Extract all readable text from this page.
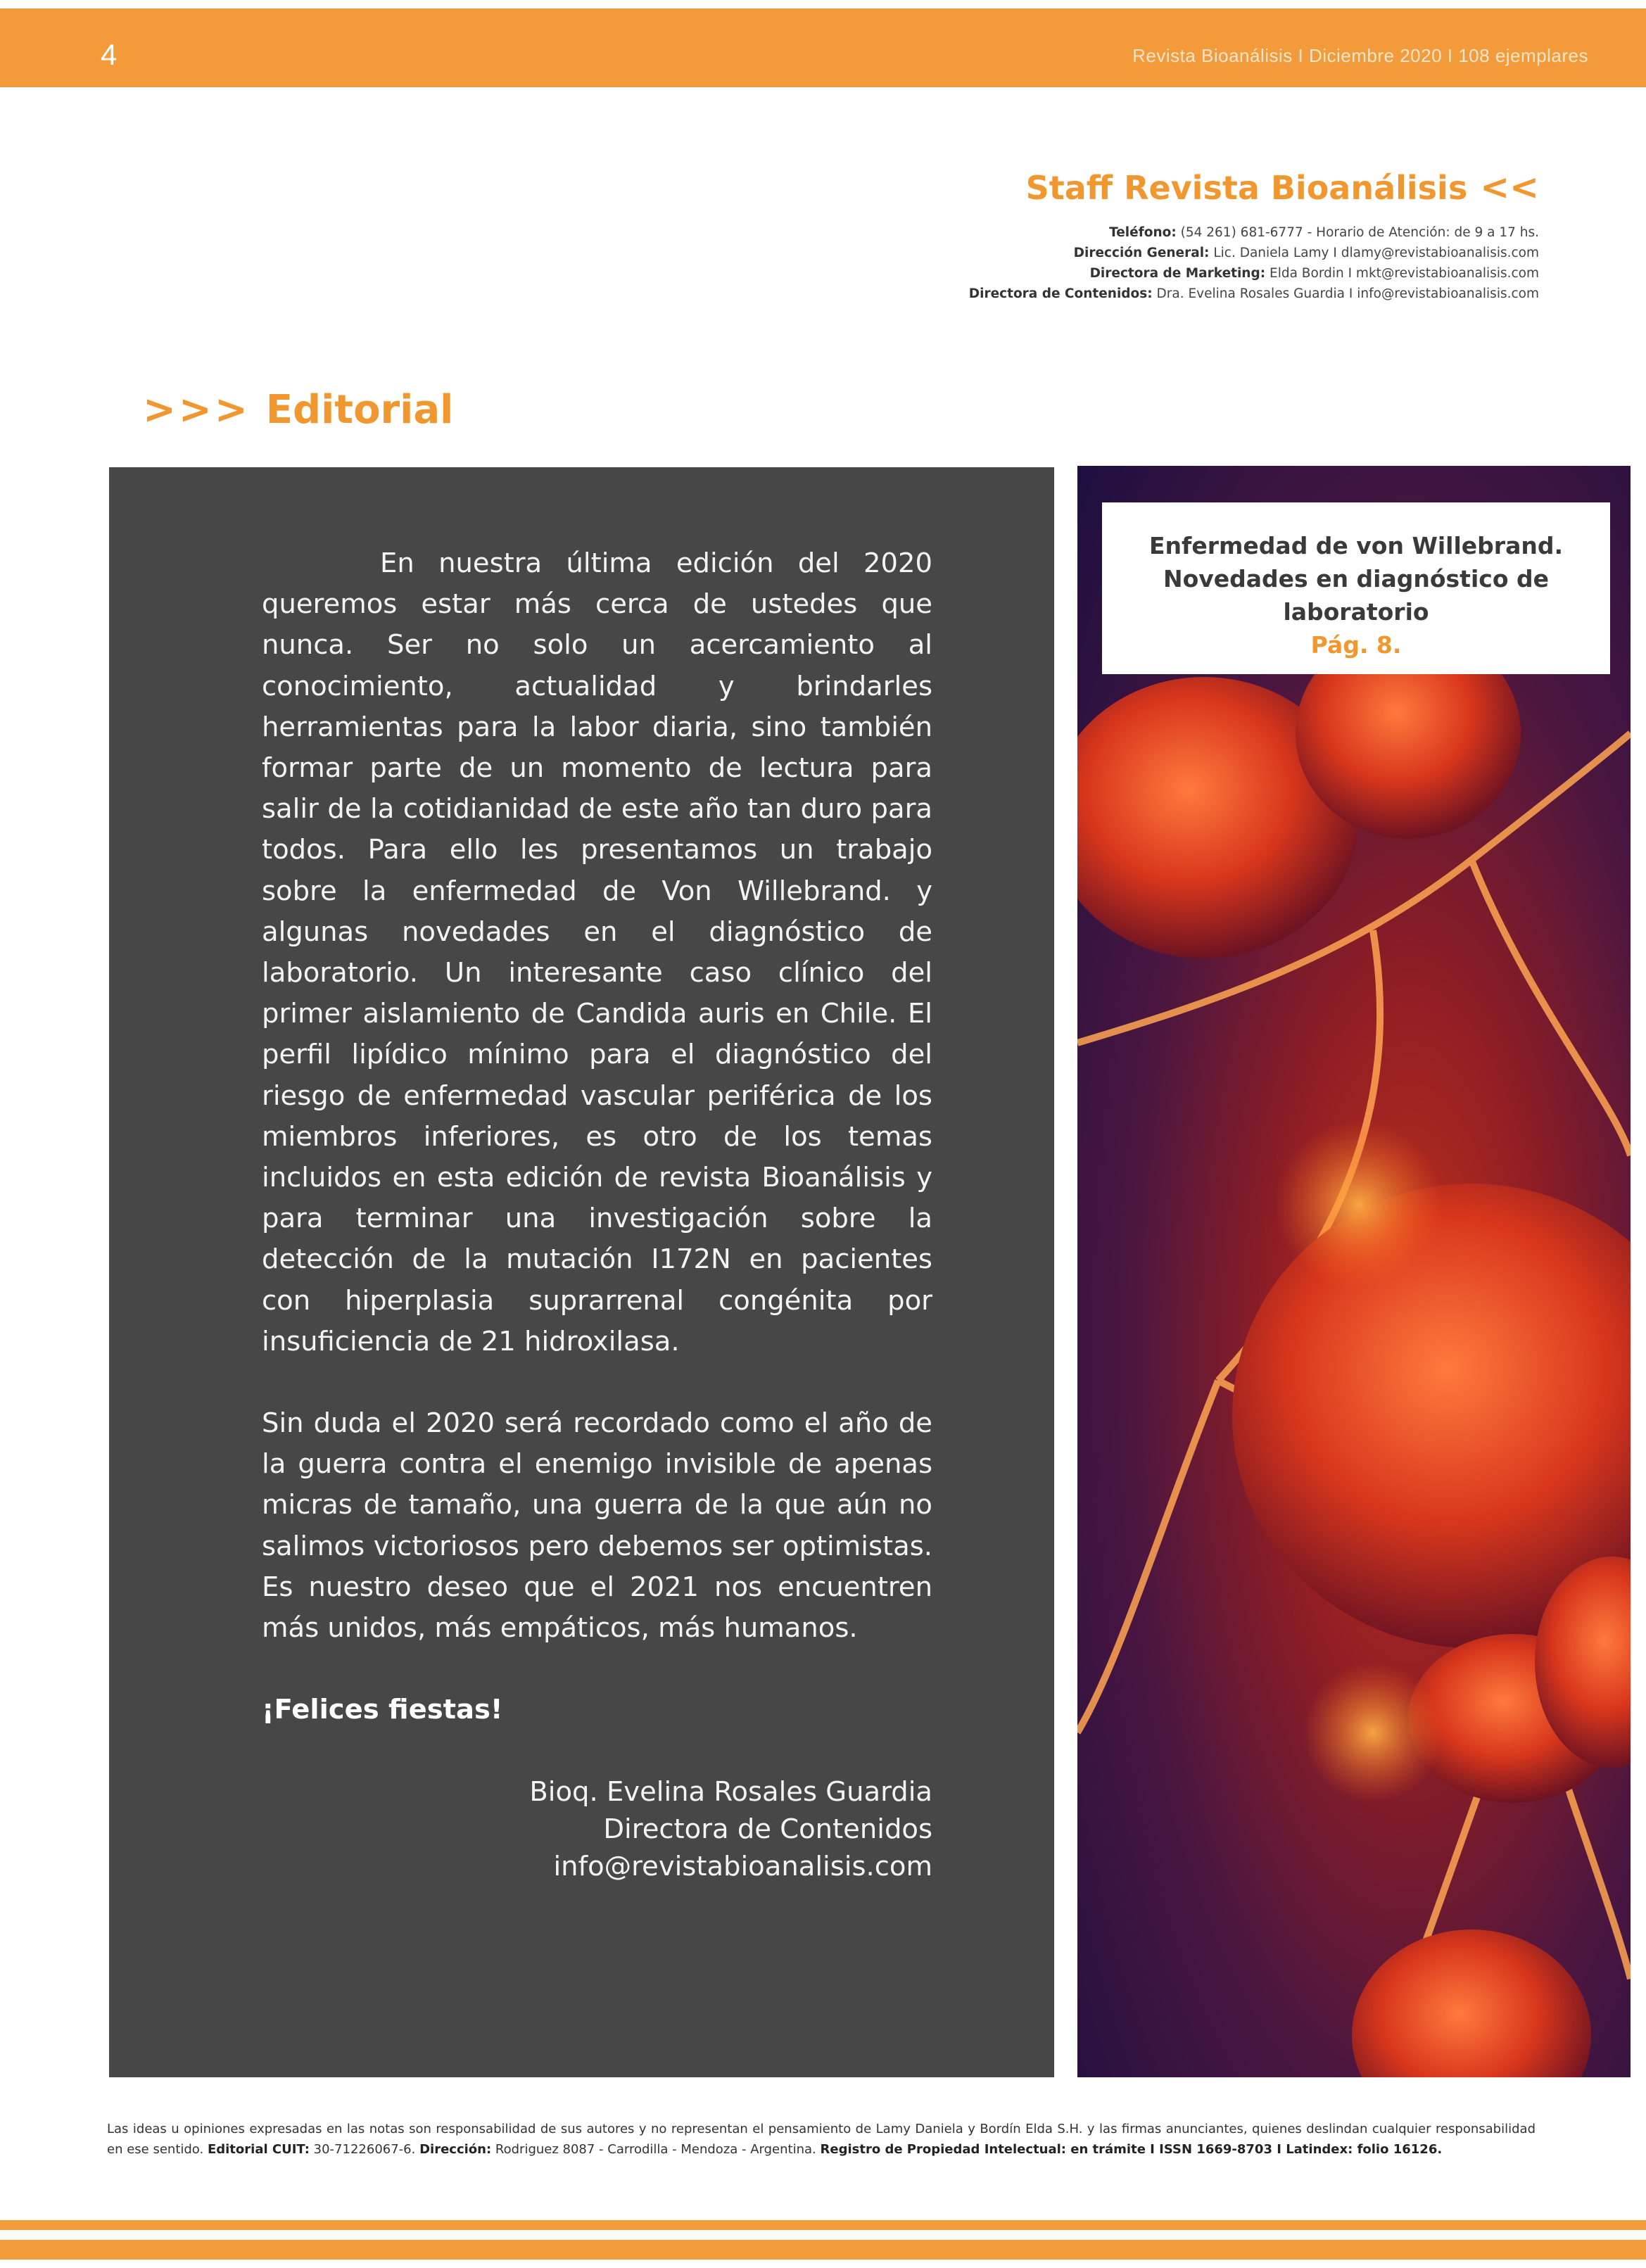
4	Revista Bioanálisis I Diciembre 2020 I 108 ejemplares
Staff Revista Bioanálisis <<
Teléfono: (54 261) 681-6777 - Horario de Atención: de 9 a 17 hs.
Dirección General: Lic. Daniela Lamy I dlamy@revistabioanalisis.com
Directora de Marketing: Elda Bordin I mkt@revistabioanalisis.com
Directora de Contenidos: Dra. Evelina Rosales Guardia I info@revistabioanalisis.com
>>> Editorial

En nuestra última edición del 2020 queremos estar más cerca de ustedes que nunca. Ser no solo un acercamiento al conocimiento, actualidad y brindarles herramientas para la labor diaria, sino también formar parte de un momento de lectura para salir de la cotidianidad de este año tan duro para todos. Para ello les presentamos un trabajo sobre la enfermedad de Von Willebrand. y algunas novedades en el diagnóstico de laboratorio. Un interesante caso clínico del primer aislamiento de Candida auris en Chile. El perfil lipídico mínimo para el diagnóstico del riesgo de enfermedad vascular periférica de los miembros inferiores, es otro de los temas incluidos en esta edición de revista Bioanálisis y para terminar una investigación sobre la detección de la mutación I172N en pacientes con hiperplasia suprarrenal congénita por insuficiencia de 21 hidroxilasa.

Sin duda el 2020 será recordado como el año de la guerra contra el enemigo invisible de apenas micras de tamaño, una guerra de la que aún no salimos victoriosos pero debemos ser optimistas. Es nuestro deseo que el 2021 nos encuentren más unidos, más empáticos, más humanos.

¡Felices fiestas!

Bioq. Evelina Rosales Guardia
Directora de Contenidos
info@revistabioanalisis.com
Enfermedad de von Willebrand.
Novedades en diagnóstico de laboratorio
Pág. 8.
Las ideas u opiniones expresadas en las notas son responsabilidad de sus autores y no representan el pensamiento de Lamy Daniela y Bordín Elda S.H. y las firmas anunciantes, quienes deslindan cualquier responsabilidad en ese sentido. Editorial CUIT: 30-71226067-6. Dirección: Rodriguez 8087 - Carrodilla - Mendoza - Argentina. Registro de Propiedad Intelectual: en trámite I ISSN 1669-8703 I Latindex: folio 16126.
